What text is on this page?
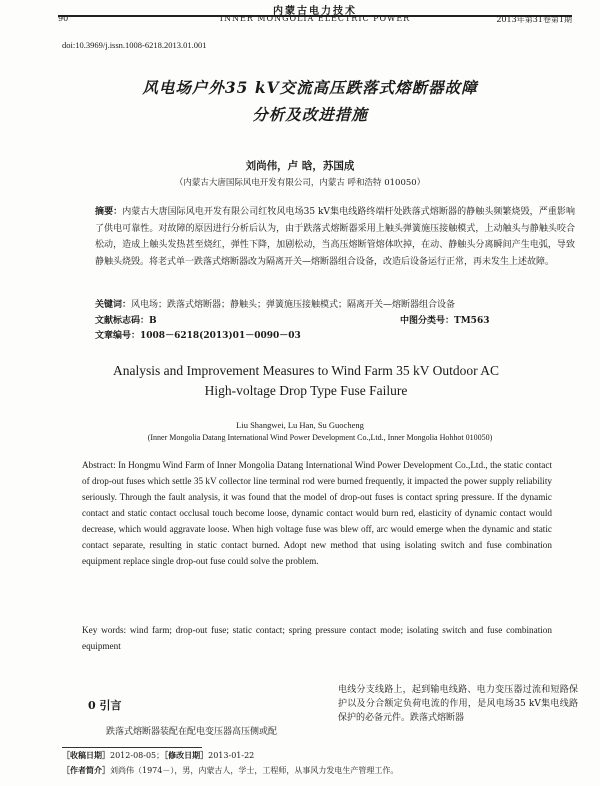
内蒙古电力技术
90	INNER MONGOLIA ELECTRIC POWER	2013年第31卷第1期
doi:10.3969/j.issn.1008-6218.2013.01.001
风电场户外35 kV交流高压跌落式熔断器故障
分析及改进措施
刘尚伟，卢 晗，苏国成
（内蒙古大唐国际风电开发有限公司，内蒙古 呼和浩特 010050）
摘要：内蒙古大唐国际风电开发有限公司红牧风电场35 kV集电线路终端杆处跌落式熔断器的静触头频繁烧毁，严重影响了供电可靠性。对故障的原因进行分析后认为，由于跌落式熔断器采用上触头弹簧施压接触模式，上动触头与静触头咬合松动，造成上触头发热甚至烧红，弹性下降，加剧松动，当高压熔断管熔体吹掉，在动、静触头分离瞬间产生电弧，导致静触头烧毁。将老式单一跌落式熔断器改为隔离开关—熔断器组合设备，改造后设备运行正常，再未发生上述故障。
关键词：风电场；跌落式熔断器；静触头；弹簧施压接触模式；隔离开关—熔断器组合设备
文献标志码：B	中图分类号：TM563
文章编号：1008－6218(2013)01－0090－03
Analysis and Improvement Measures to Wind Farm 35 kV Outdoor AC
High-voltage Drop Type Fuse Failure
Liu Shangwei, Lu Han, Su Guocheng
(Inner Mongolia Datang International Wind Power Development Co.,Ltd., Inner Mongolia Hohhot 010050)
Abstract: In Hongmu Wind Farm of Inner Mongolia Datang International Wind Power Development Co.,Ltd., the static contact of drop-out fuses which settle 35 kV collector line terminal rod were burned frequently, it impacted the power supply reliability seriously. Through the fault analysis, it was found that the model of drop-out fuses is contact spring pressure. If the dynamic contact and static contact occlusal touch become loose, dynamic contact would burn red, elasticity of dynamic contact would decrease, which would aggravate loose. When high voltage fuse was blew off, arc would emerge when the dynamic and static contact separate, resulting in static contact burned. Adopt new method that using isolating switch and fuse combination equipment replace single drop-out fuse could solve the problem.
Key words: wind farm; drop-out fuse; static contact; spring pressure contact mode; isolating switch and fuse combination equipment
0 引言
跌落式熔断器装配在配电变压器高压侧或配
电线分支线路上，起到输电线路、电力变压器过流和短路保护以及分合额定负荷电流的作用，是风电场35 kV集电线路保护的必备元件。跌落式熔断器
［收稿日期］2012-08-05；［修改日期］2013-01-22
［作者简介］刘尚伟（1974－），男，内蒙古人，学士，工程师，从事风力发电生产管理工作。
